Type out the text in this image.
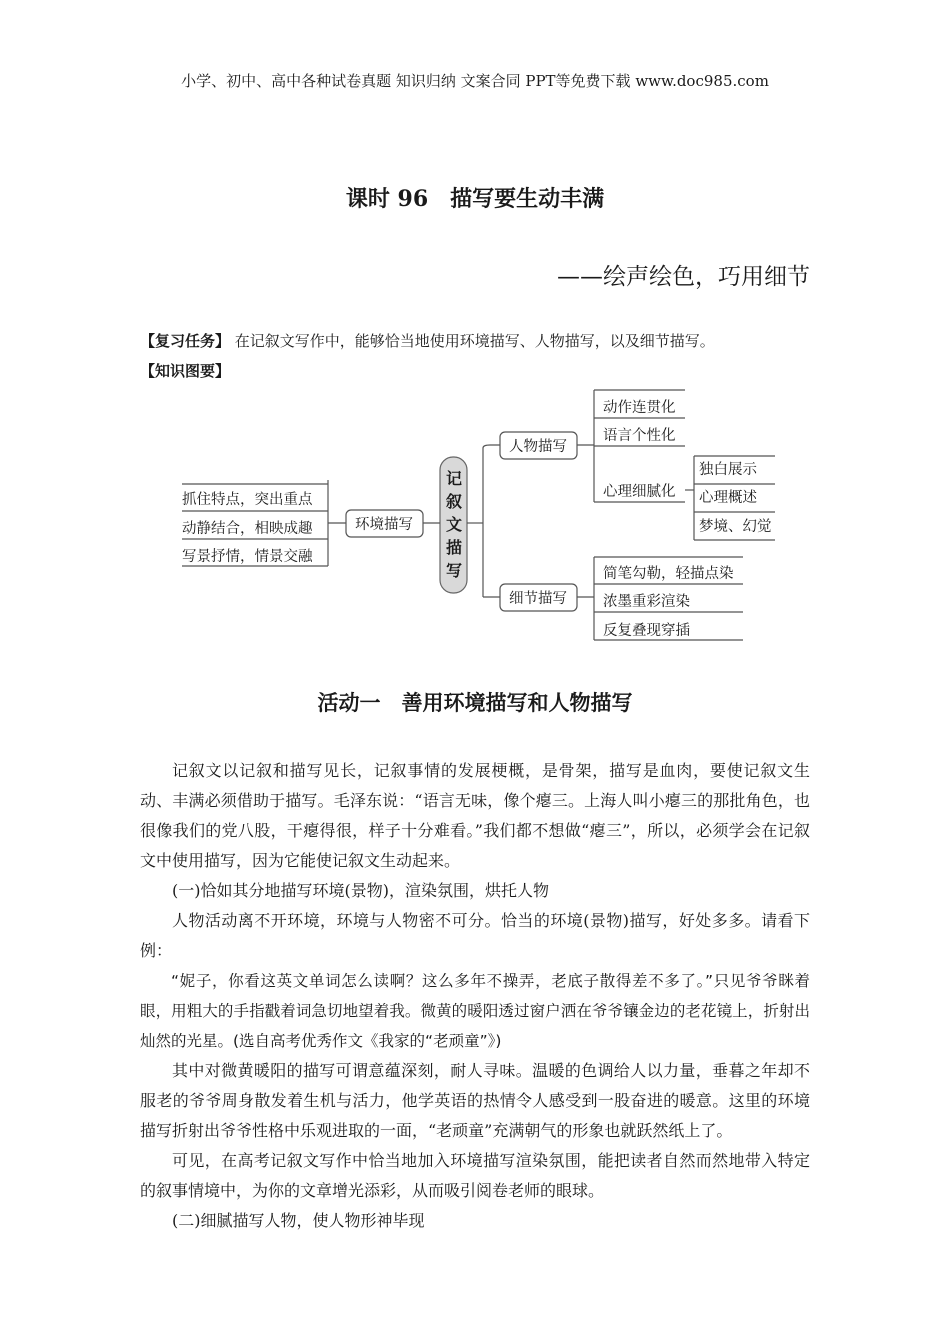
小学、初中、高中各种试卷真题 知识归纳 文案合同 PPT等免费下载 www.doc985.com
课时 96　描写要生动丰满
——绘声绘色，巧用细节
【复习任务】 在记叙文写作中，能够恰当地使用环境描写、人物描写，以及细节描写。
【知识图要】
记
叙
文
描
写
环境描写
抓住特点，突出重点
动静结合，相映成趣
写景抒情，情景交融
人物描写
动作连贯化
语言个性化
心理细腻化
独白展示
心理概述
梦境、幻觉
细节描写
简笔勾勒，轻描点染
浓墨重彩渲染
反复叠现穿插
活动一　善用环境描写和人物描写

记叙文以记叙和描写见长，记叙事情的发展梗概，是骨架，描写是血肉，要使记叙文生动、丰满必须借助于描写。毛泽东说：“语言无味，像个瘪三。上海人叫小瘪三的那批角色，也很像我们的党八股，干瘪得很，样子十分难看。”我们都不想做“瘪三”，所以，必须学会在记叙文中使用描写，因为它能使记叙文生动起来。

(一)恰如其分地描写环境(景物)，渲染氛围，烘托人物

人物活动离不开环境，环境与人物密不可分。恰当的环境(景物)描写，好处多多。请看下例：

“妮子，你看这英文单词怎么读啊？这么多年不操弄，老底子散得差不多了。”只见爷爷眯着眼，用粗大的手指戳着词急切地望着我。微黄的暖阳透过窗户洒在爷爷镶金边的老花镜上，折射出灿然的光星。(选自高考优秀作文《我家的“老顽童”》)

其中对微黄暖阳的描写可谓意蕴深刻，耐人寻味。温暖的色调给人以力量，垂暮之年却不服老的爷爷周身散发着生机与活力，他学英语的热情令人感受到一股奋进的暖意。这里的环境描写折射出爷爷性格中乐观进取的一面，“老顽童”充满朝气的形象也就跃然纸上了。

可见，在高考记叙文写作中恰当地加入环境描写渲染氛围，能把读者自然而然地带入特定的叙事情境中，为你的文章增光添彩，从而吸引阅卷老师的眼球。

(二)细腻描写人物，使人物形神毕现
